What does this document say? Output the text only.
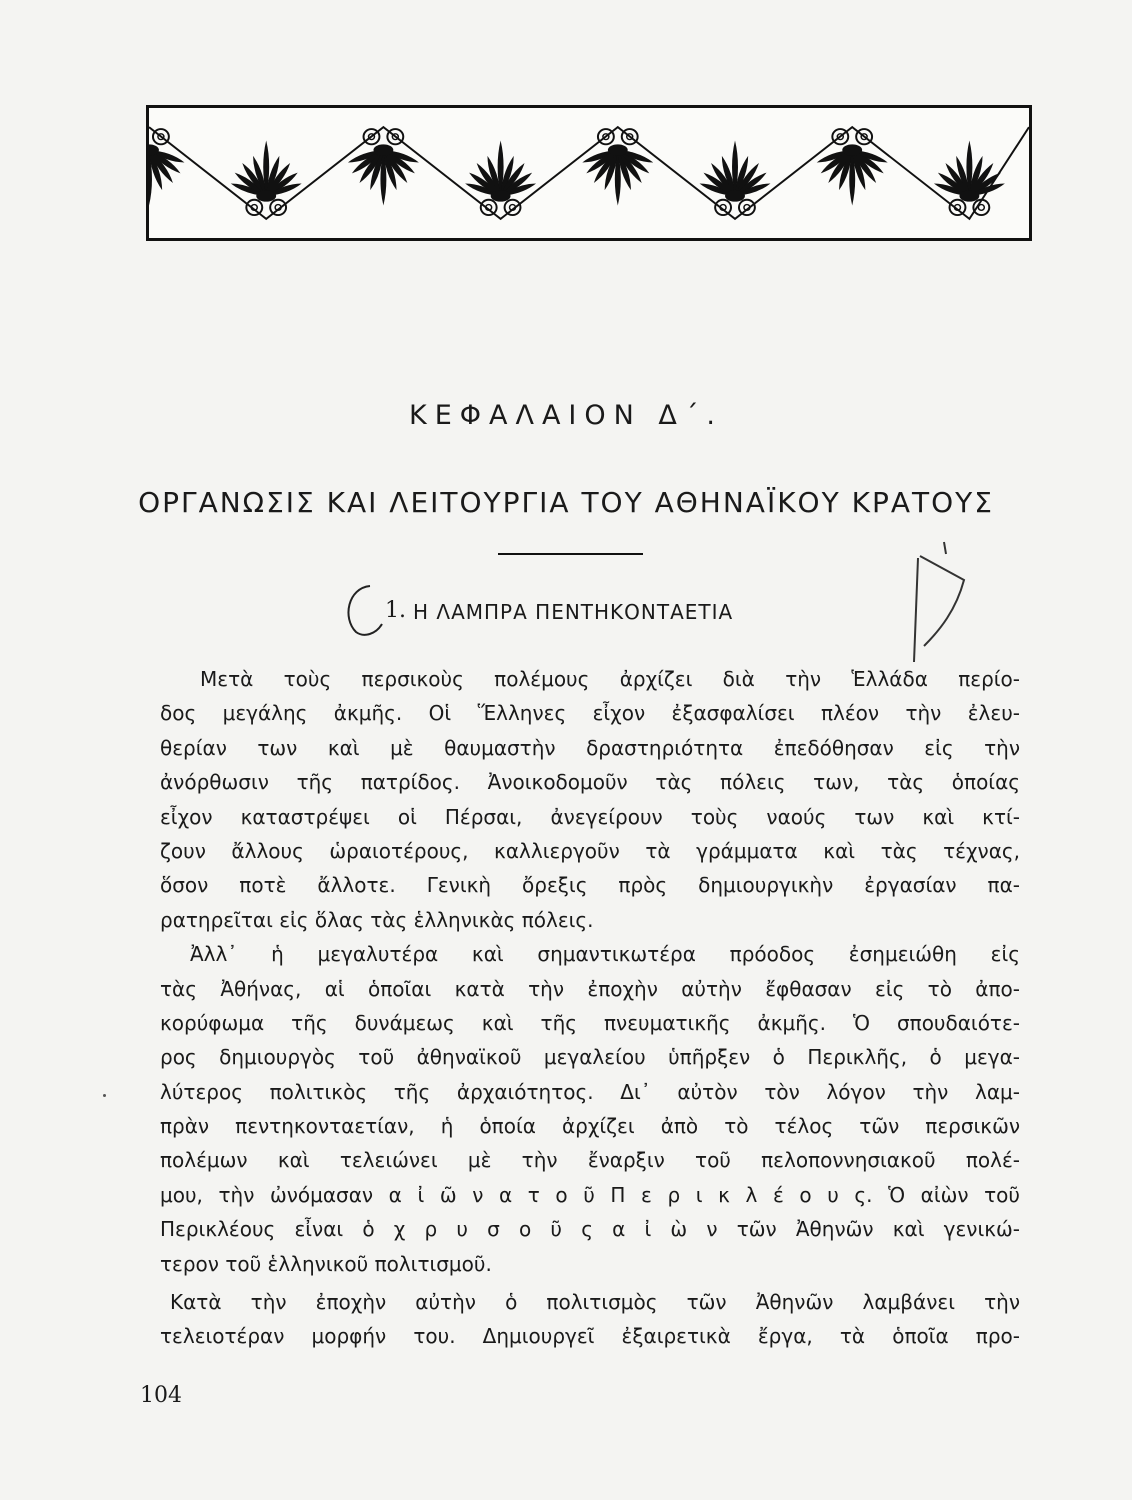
ΚΕΦΑΛΑΙΟΝ Δ΄.
ΟΡΓΑΝΩΣΙΣ ΚΑΙ ΛΕΙΤΟΥΡΓΙΑ ΤΟΥ ΑΘΗΝΑΪΚΟΥ ΚΡΑΤΟΥΣ
1. Η ΛΑΜΠΡΑ ΠΕΝΤΗΚΟΝΤΑΕΤΙΑ
Μετὰ τοὺς περσικοὺς πολέμους ἀρχίζει διὰ τὴν Ἑλλάδα περίο-
δος μεγάλης ἀκμῆς. Οἱ Ἕλληνες εἶχον ἐξασφαλίσει πλέον τὴν ἐλευ-
θερίαν των καὶ μὲ θαυμαστὴν δραστηριότητα ἐπεδόθησαν εἰς τὴν
ἀνόρθωσιν τῆς πατρίδος. Ἀνοικοδομοῦν τὰς πόλεις των, τὰς ὁποίας
εἶχον καταστρέψει οἱ Πέρσαι, ἀνεγείρουν τοὺς ναούς των καὶ κτί-
ζουν ἄλλους ὡραιοτέρους, καλλιεργοῦν τὰ γράμματα καὶ τὰς τέχνας,
ὅσον ποτὲ ἄλλοτε. Γενικὴ ὄρεξις πρὸς δημιουργικὴν ἐργασίαν πα-
ρατηρεῖται εἰς ὅλας τὰς ἑλληνικὰς πόλεις.
Ἀλλ᾽ ἡ μεγαλυτέρα καὶ σημαντικωτέρα πρόοδος ἐσημειώθη εἰς
τὰς Ἀθήνας, αἱ ὁποῖαι κατὰ τὴν ἐποχὴν αὐτὴν ἔφθασαν εἰς τὸ ἀπο-
κορύφωμα τῆς δυνάμεως καὶ τῆς πνευματικῆς ἀκμῆς. Ὁ σπουδαιότε-
ρος δημιουργὸς τοῦ ἀθηναϊκοῦ μεγαλείου ὑπῆρξεν ὁ Περικλῆς, ὁ μεγα-
λύτερος πολιτικὸς τῆς ἀρχαιότητος. Δι᾽ αὐτὸν τὸν λόγον τὴν λαμ-
πρὰν πεντηκονταετίαν, ἡ ὁποία ἀρχίζει ἀπὸ τὸ τέλος τῶν περσικῶν
πολέμων καὶ τελειώνει μὲ τὴν ἔναρξιν τοῦ πελοποννησιακοῦ πολέ-
μου, τὴν ὠνόμασαν α ἰ ῶ ν α τ ο ῦ Π ε ρ ι κ λ έ ο υ ς. Ὁ αἰὼν τοῦ
Περικλέους εἶναι ὁ χ ρ υ σ ο ῦ ς α ἰ ὼ ν τῶν Ἀθηνῶν καὶ γενικώ-
τερον τοῦ ἑλληνικοῦ πολιτισμοῦ.
Κατὰ τὴν ἐποχὴν αὐτὴν ὁ πολιτισμὸς τῶν Ἀθηνῶν λαμβάνει τὴν
τελειοτέραν μορφήν του. Δημιουργεῖ ἐξαιρετικὰ ἔργα, τὰ ὁποῖα προ-
104
